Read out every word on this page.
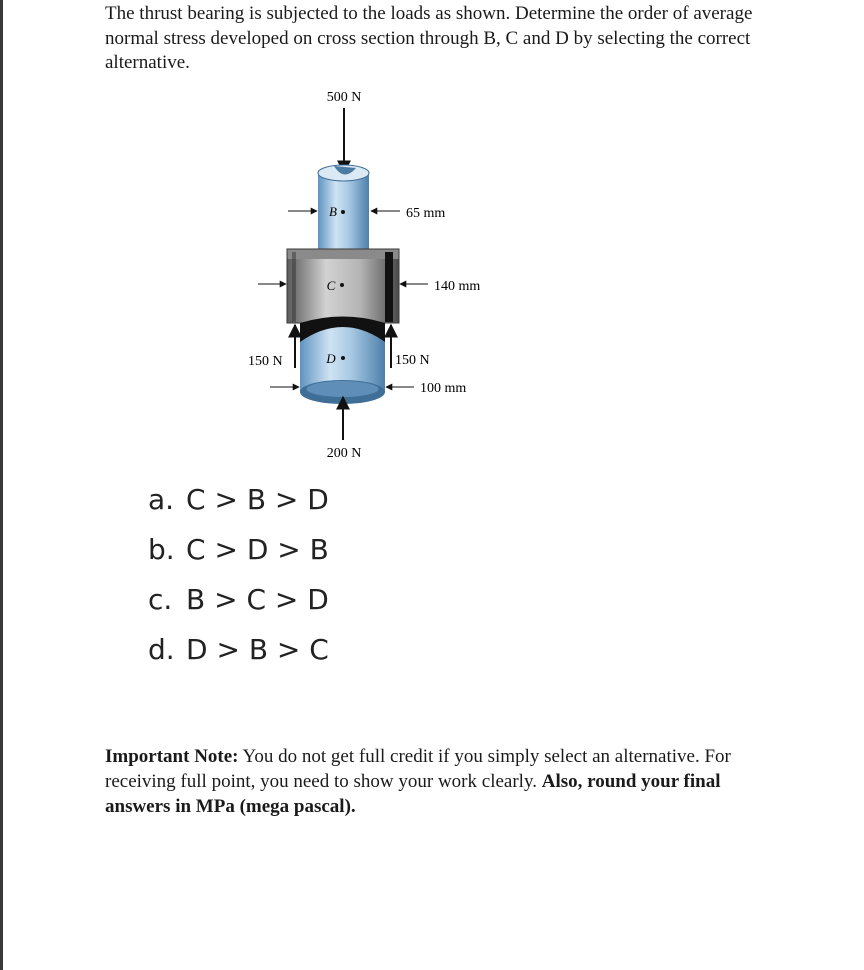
The thrust bearing is subjected to the loads as shown. Determine the order of average normal stress developed on cross section through B, C and D by selecting the correct alternative.
500 N
B	65 mm
C	140 mm
D
150 N	150 N
100 mm
200 N
a. C > B > D
b. C > D > B
c. B > C > D
d. D > B > C
Important Note: You do not get full credit if you simply select an alternative. For receiving full point, you need to show your work clearly. Also, round your final answers in MPa (mega pascal).
